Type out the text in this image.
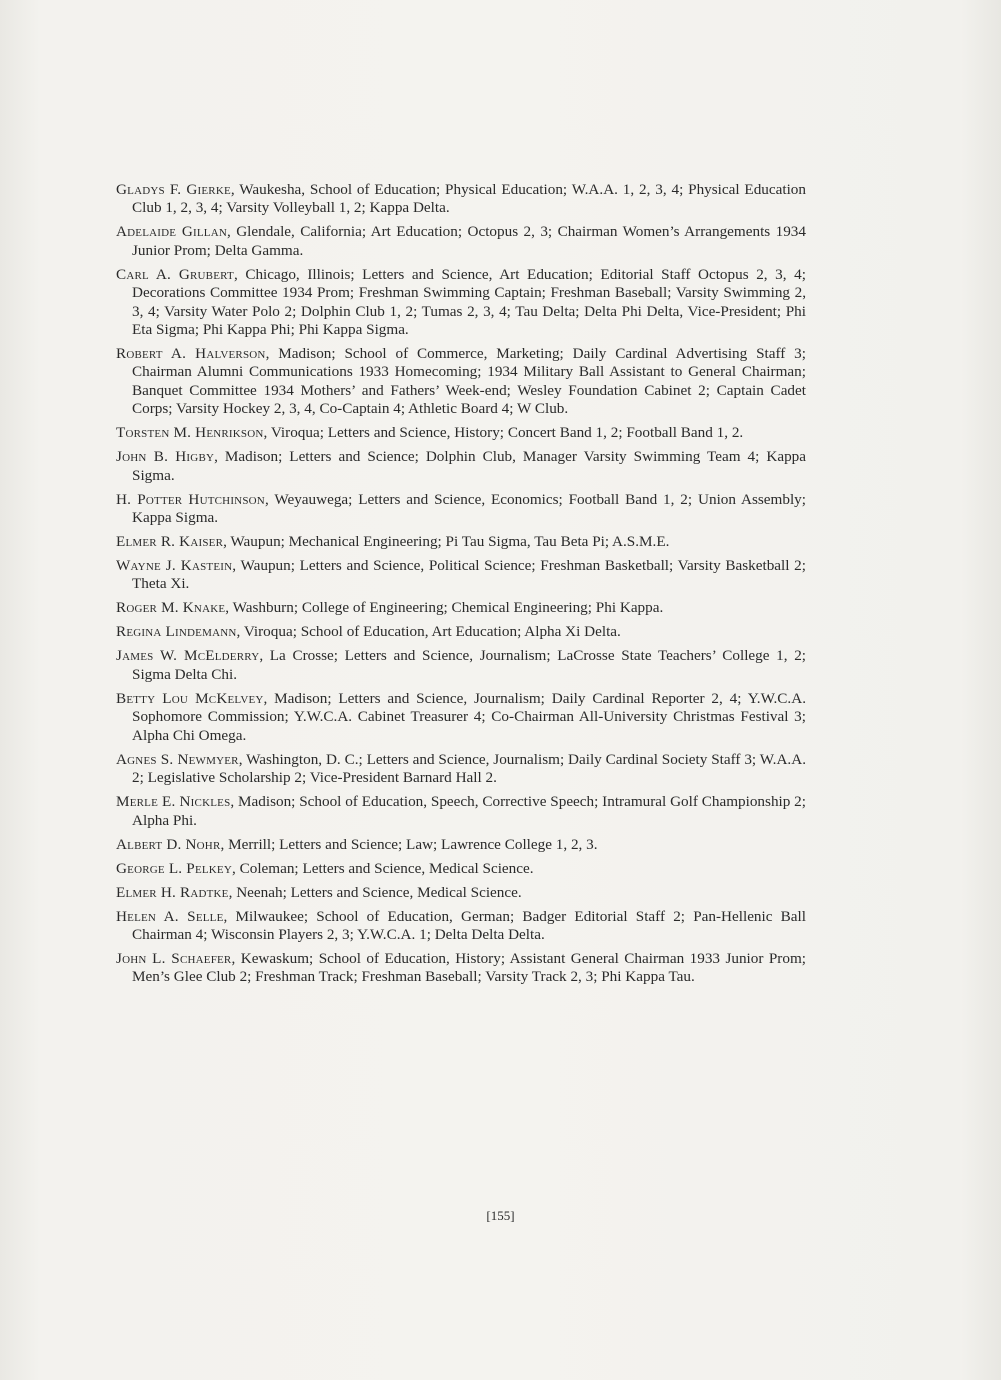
Gladys F. Gierke, Waukesha, School of Education; Physical Education; W.A.A. 1, 2, 3, 4; Physical Education Club 1, 2, 3, 4; Varsity Volleyball 1, 2; Kappa Delta.

Adelaide Gillan, Glendale, California; Art Education; Octopus 2, 3; Chairman Women’s Arrangements 1934 Junior Prom; Delta Gamma.

Carl A. Grubert, Chicago, Illinois; Letters and Science, Art Education; Editorial Staff Octopus 2, 3, 4; Decorations Committee 1934 Prom; Freshman Swimming Captain; Freshman Baseball; Varsity Swimming 2, 3, 4; Varsity Water Polo 2; Dolphin Club 1, 2; Tumas 2, 3, 4; Tau Delta; Delta Phi Delta, Vice-President; Phi Eta Sigma; Phi Kappa Phi; Phi Kappa Sigma.

Robert A. Halverson, Madison; School of Commerce, Marketing; Daily Cardinal Advertising Staff 3; Chairman Alumni Communications 1933 Homecoming; 1934 Military Ball Assistant to General Chairman; Banquet Committee 1934 Mothers’ and Fathers’ Week-end; Wesley Foundation Cabinet 2; Captain Cadet Corps; Varsity Hockey 2, 3, 4, Co-Captain 4; Athletic Board 4; W Club.

Torsten M. Henrikson, Viroqua; Letters and Science, History; Concert Band 1, 2; Football Band 1, 2.

John B. Higby, Madison; Letters and Science; Dolphin Club, Manager Varsity Swimming Team 4; Kappa Sigma.

H. Potter Hutchinson, Weyauwega; Letters and Science, Economics; Football Band 1, 2; Union Assembly; Kappa Sigma.

Elmer R. Kaiser, Waupun; Mechanical Engineering; Pi Tau Sigma, Tau Beta Pi; A.S.M.E.

Wayne J. Kastein, Waupun; Letters and Science, Political Science; Freshman Basketball; Varsity Basketball 2; Theta Xi.

Roger M. Knake, Washburn; College of Engineering; Chemical Engineering; Phi Kappa.

Regina Lindemann, Viroqua; School of Education, Art Education; Alpha Xi Delta.

James W. McElderry, La Crosse; Letters and Science, Journalism; LaCrosse State Teachers’ College 1, 2; Sigma Delta Chi.

Betty Lou McKelvey, Madison; Letters and Science, Journalism; Daily Cardinal Reporter 2, 4; Y.W.C.A. Sophomore Commission; Y.W.C.A. Cabinet Treasurer 4; Co-Chairman All-University Christmas Festival 3; Alpha Chi Omega.

Agnes S. Newmyer, Washington, D. C.; Letters and Science, Journalism; Daily Cardinal Society Staff 3; W.A.A. 2; Legislative Scholarship 2; Vice-President Barnard Hall 2.

Merle E. Nickles, Madison; School of Education, Speech, Corrective Speech; Intramural Golf Championship 2; Alpha Phi.

Albert D. Nohr, Merrill; Letters and Science; Law; Lawrence College 1, 2, 3.

George L. Pelkey, Coleman; Letters and Science, Medical Science.

Elmer H. Radtke, Neenah; Letters and Science, Medical Science.

Helen A. Selle, Milwaukee; School of Education, German; Badger Editorial Staff 2; Pan-Hellenic Ball Chairman 4; Wisconsin Players 2, 3; Y.W.C.A. 1; Delta Delta Delta.

John L. Schaefer, Kewaskum; School of Education, History; Assistant General Chairman 1933 Junior Prom; Men’s Glee Club 2; Freshman Track; Freshman Baseball; Varsity Track 2, 3; Phi Kappa Tau.

[155]
